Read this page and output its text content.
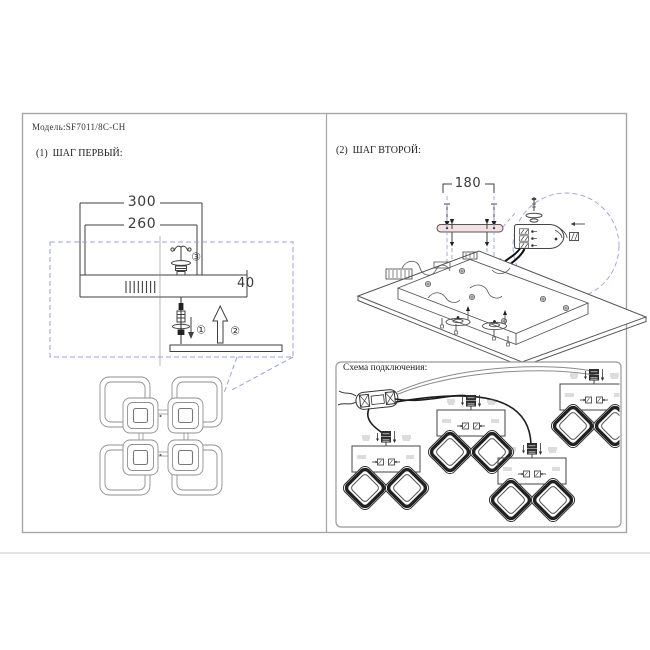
Модель:SF7011/8C-CH
(1)  ШАГ ПЕРВЫЙ:	(2)  ШАГ ВТОРОЙ:
Схема подключения:
300
260
40
180
① ②
③
